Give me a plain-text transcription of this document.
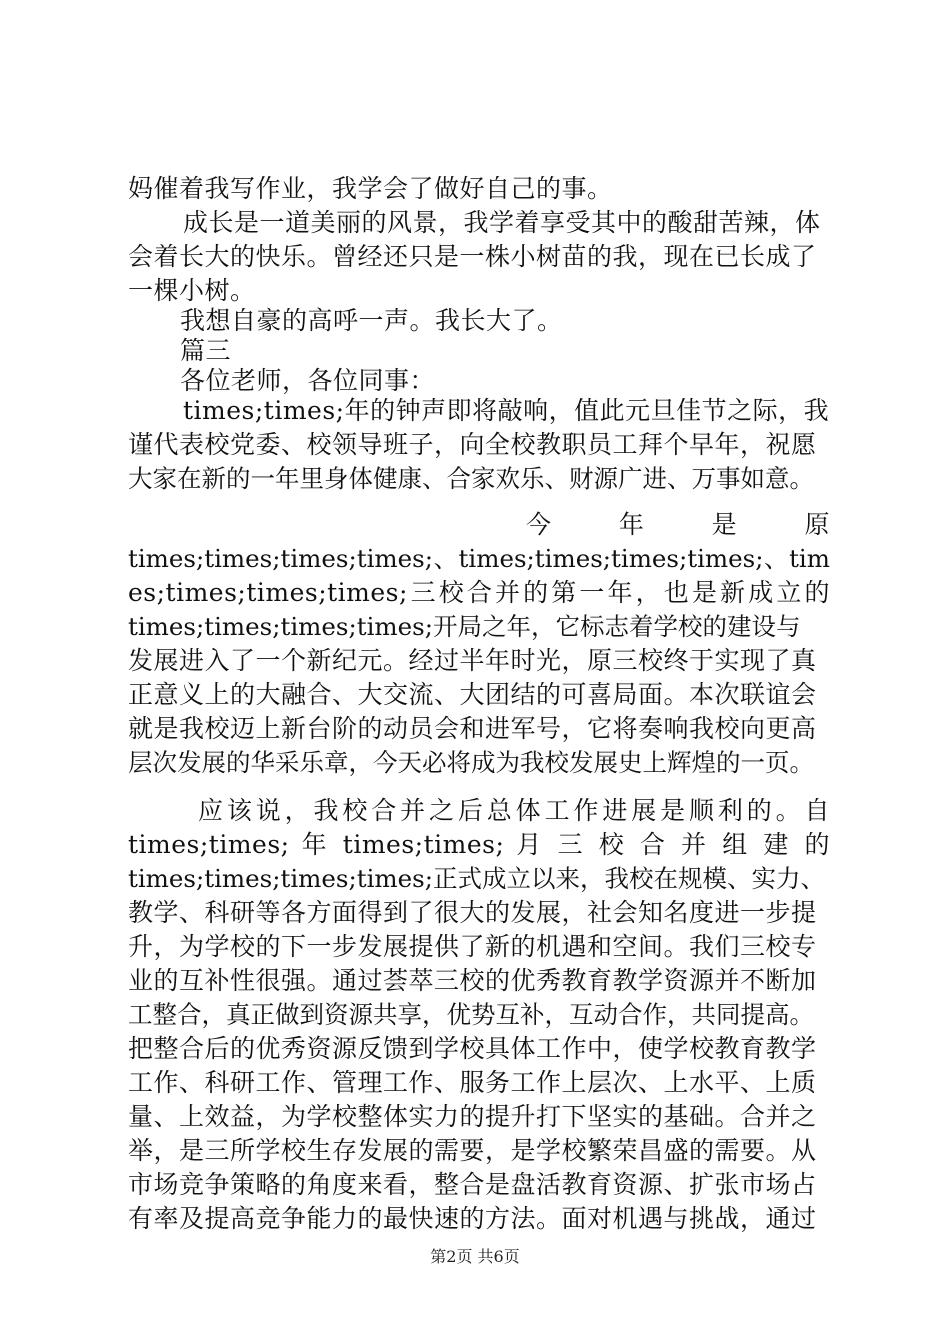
妈催着我写作业，我学会了做好自己的事。
成长是一道美丽的风景，我学着享受其中的酸甜苦辣，体
会着长大的快乐。曾经还只是一株小树苗的我，现在已长成了
一棵小树。
我想自豪的高呼一声。我长大了。
篇三
各位老师，各位同事：
times;times;年的钟声即将敲响，值此元旦佳节之际，我
谨代表校党委、校领导班子，向全校教职员工拜个早年，祝愿
大家在新的一年里身体健康、合家欢乐、财源广进、万事如意。
今 年 是 原
times;times;times;times;、times;times;times;times;、tim
es;times;times;times;三校合并的第一年，也是新成立的
times;times;times;times;开局之年，它标志着学校的建设与
发展进入了一个新纪元。经过半年时光，原三校终于实现了真
正意义上的大融合、大交流、大团结的可喜局面。本次联谊会
就是我校迈上新台阶的动员会和进军号，它将奏响我校向更高
层次发展的华采乐章，今天必将成为我校发展史上辉煌的一页。
应该说，我校合并之后总体工作进展是顺利的。自
times;times; 年 times;times; 月 三 校 合 并 组 建 的
times;times;times;times;正式成立以来，我校在规模、实力、
教学、科研等各方面得到了很大的发展，社会知名度进一步提
升，为学校的下一步发展提供了新的机遇和空间。我们三校专
业的互补性很强。通过荟萃三校的优秀教育教学资源并不断加
工整合，真正做到资源共享，优势互补，互动合作，共同提高。
把整合后的优秀资源反馈到学校具体工作中，使学校教育教学
工作、科研工作、管理工作、服务工作上层次、上水平、上质
量、上效益，为学校整体实力的提升打下坚实的基础。合并之
举，是三所学校生存发展的需要，是学校繁荣昌盛的需要。从
市场竞争策略的角度来看，整合是盘活教育资源、扩张市场占
有率及提高竞争能力的最快速的方法。面对机遇与挑战，通过
第2页 共6页
